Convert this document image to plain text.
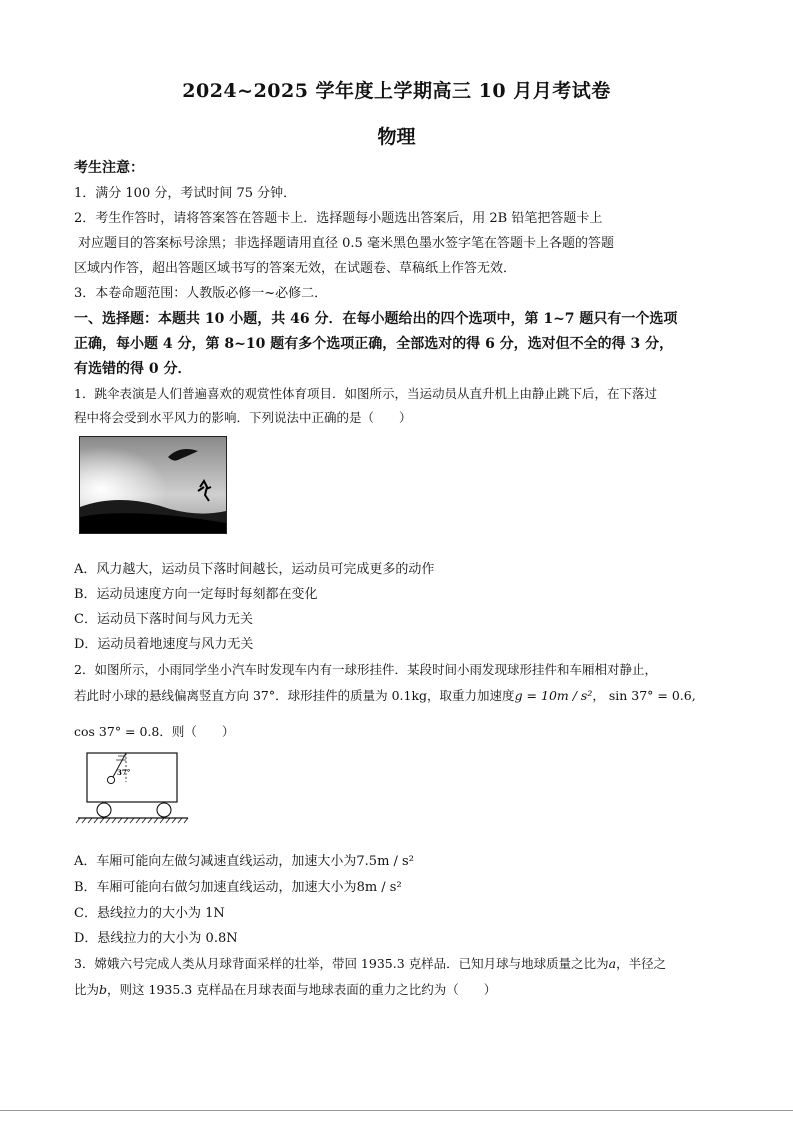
2024~2025 学年度上学期高三 10 月月考试卷
物理
考生注意：
1．满分 100 分，考试时间 75 分钟．
2．考生作答时，请将答案答在答题卡上．选择题每小题选出答案后，用 2B 铅笔把答题卡上
对应题目的答案标号涂黑；非选择题请用直径 0.5 毫米黑色墨水签字笔在答题卡上各题的答题
区域内作答，超出答题区域书写的答案无效，在试题卷、草稿纸上作答无效．
3．本卷命题范围：人教版必修一~必修二．
一、选择题：本题共 10 小题，共 46 分．在每小题给出的四个选项中，第 1~7 题只有一个选项
正确，每小题 4 分，第 8~10 题有多个选项正确，全部选对的得 6 分，选对但不全的得 3 分，
有选错的得 0 分．
1．跳伞表演是人们普遍喜欢的观赏性体育项目．如图所示，当运动员从直升机上由静止跳下后，在下落过
程中将会受到水平风力的影响．下列说法中正确的是（　　）
A．风力越大，运动员下落时间越长，运动员可完成更多的动作
B．运动员速度方向一定每时每刻都在变化
C．运动员下落时间与风力无关
D．运动员着地速度与风力无关
2．如图所示，小雨同学坐小汽车时发现车内有一球形挂件．某段时间小雨发现球形挂件和车厢相对静止，
若此时小球的悬线偏离竖直方向 37°．球形挂件的质量为 0.1kg，取重力加速度g = 10m / s²， sin 37° = 0.6,
cos 37° = 0.8．则（　　）
37°
A．车厢可能向左做匀减速直线运动，加速大小为7.5m / s²
B．车厢可能向右做匀加速直线运动，加速大小为8m / s²
C．悬线拉力的大小为 1N
D．悬线拉力的大小为 0.8N
3．嫦娥六号完成人类从月球背面采样的壮举，带回 1935.3 克样品．已知月球与地球质量之比为a，半径之
比为b，则这 1935.3 克样品在月球表面与地球表面的重力之比约为（　　）
